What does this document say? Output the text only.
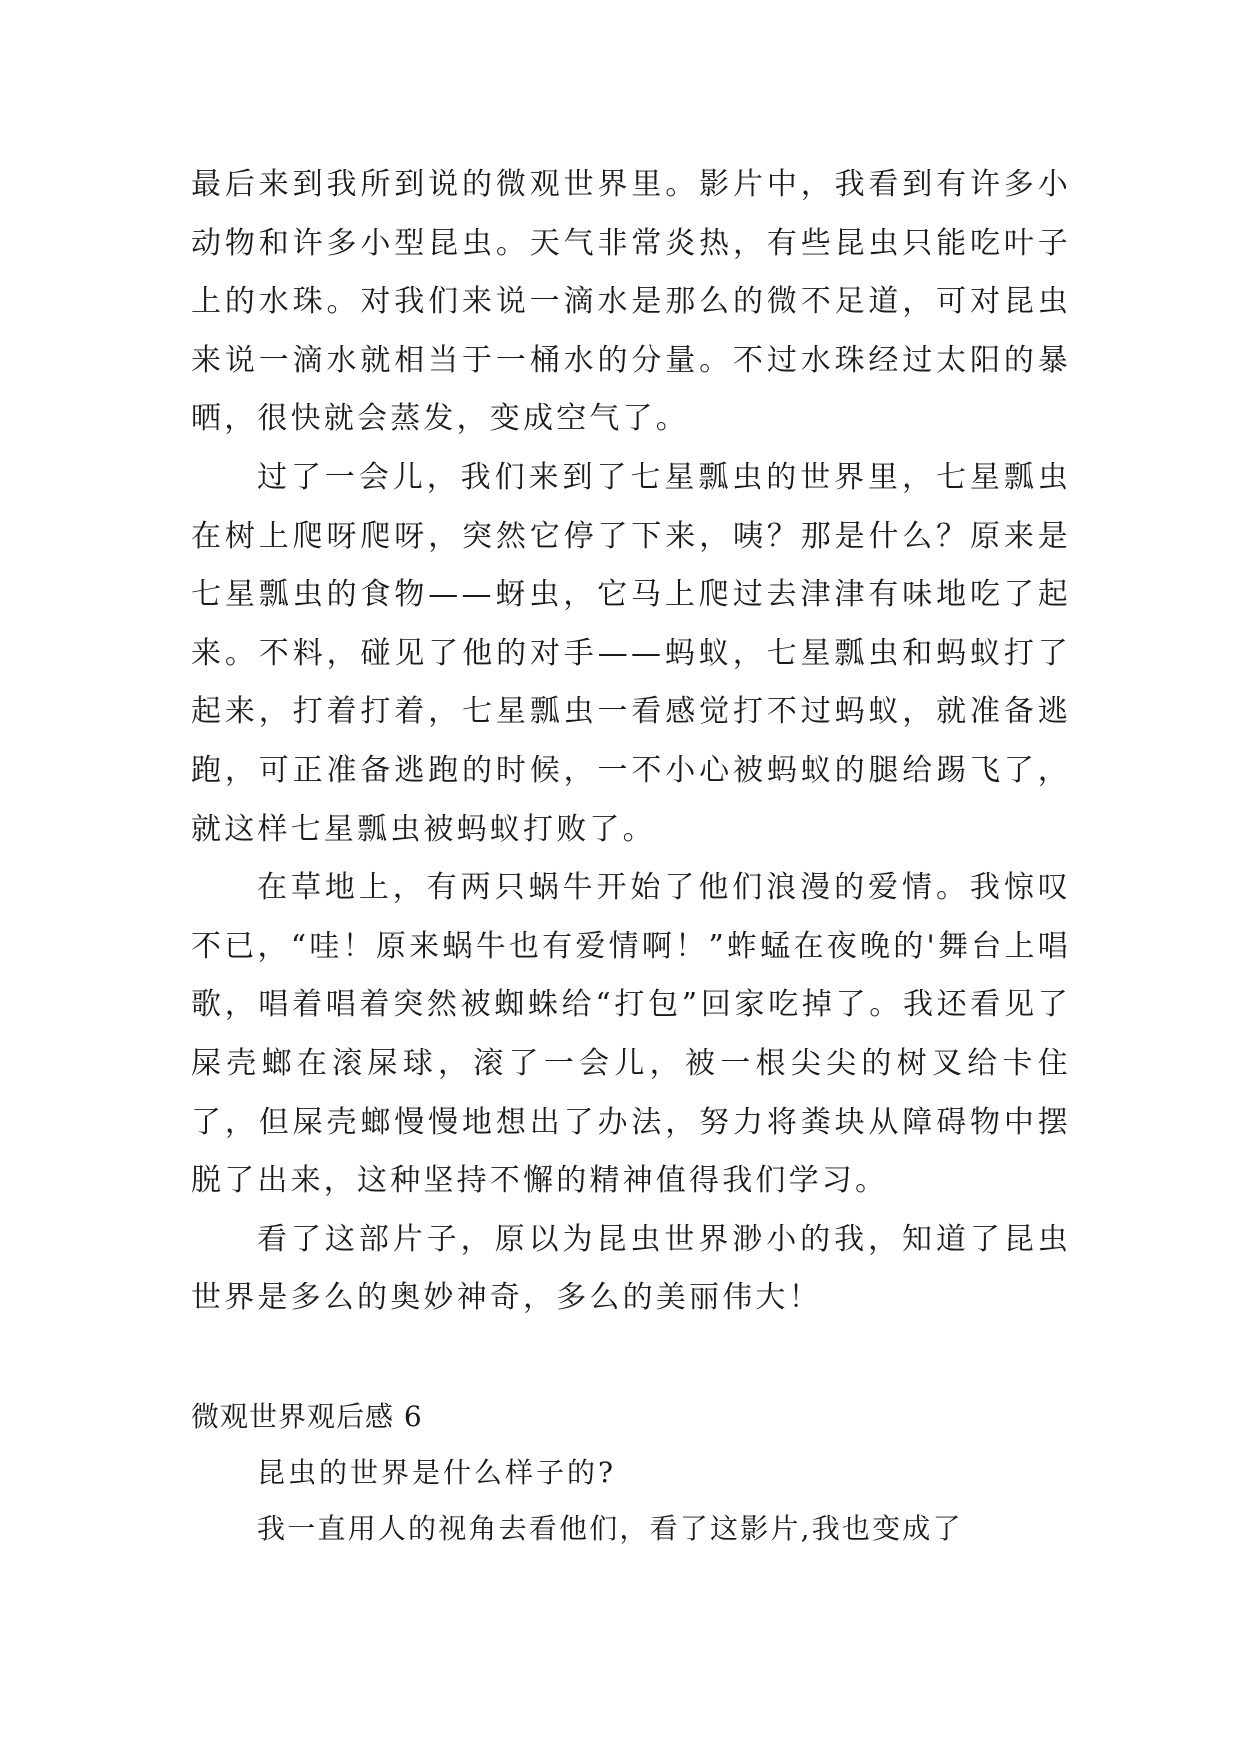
最后来到我所到说的微观世界里。影片中，我看到有许多小动物和许多小型昆虫。天气非常炎热，有些昆虫只能吃叶子上的水珠。对我们来说一滴水是那么的微不足道，可对昆虫来说一滴水就相当于一桶水的分量。不过水珠经过太阳的暴晒，很快就会蒸发，变成空气了。

过了一会儿，我们来到了七星瓢虫的世界里，七星瓢虫在树上爬呀爬呀，突然它停了下来，咦？那是什么？原来是七星瓢虫的食物——蚜虫，它马上爬过去津津有味地吃了起来。不料，碰见了他的对手——蚂蚁，七星瓢虫和蚂蚁打了起来，打着打着，七星瓢虫一看感觉打不过蚂蚁，就准备逃跑，可正准备逃跑的时候，一不小心被蚂蚁的腿给踢飞了，就这样七星瓢虫被蚂蚁打败了。

在草地上，有两只蜗牛开始了他们浪漫的爱情。我惊叹不已，“哇！原来蜗牛也有爱情啊！”蚱蜢在夜晚的'舞台上唱歌，唱着唱着突然被蜘蛛给“打包”回家吃掉了。我还看见了屎壳螂在滚屎球，滚了一会儿，被一根尖尖的树叉给卡住了，但屎壳螂慢慢地想出了办法，努力将粪块从障碍物中摆脱了出来，这种坚持不懈的精神值得我们学习。

看了这部片子，原以为昆虫世界渺小的我，知道了昆虫世界是多么的奥妙神奇，多么的美丽伟大！

微观世界观后感 6

昆虫的世界是什么样子的?

我一直用人的视角去看他们，看了这影片,我也变成了
